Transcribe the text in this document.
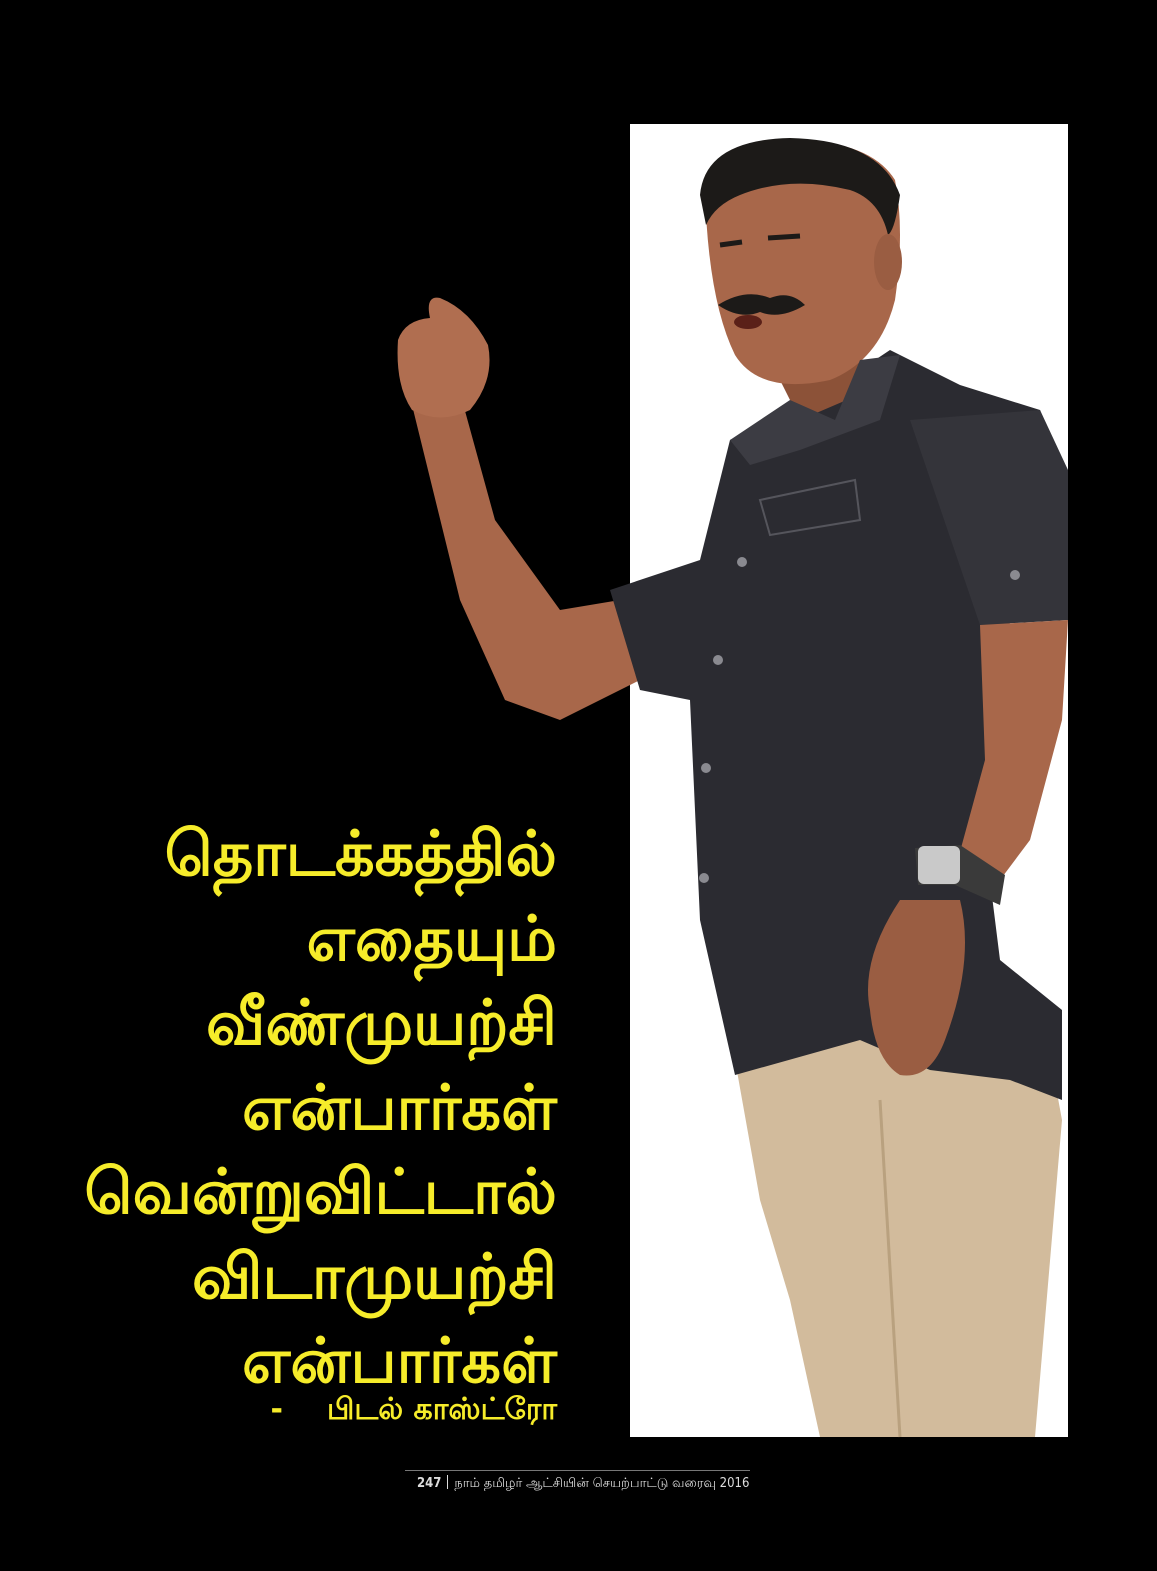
தொடக்கத்தில்
எதையும்
வீண்முயற்சி
என்பார்கள்
வென்றுவிட்டால்
விடாமுயற்சி
என்பார்கள்
- பிடல் காஸ்ட்ரோ
247 நாம் தமிழர் ஆட்சியின் செயற்பாட்டு வரைவு 2016
